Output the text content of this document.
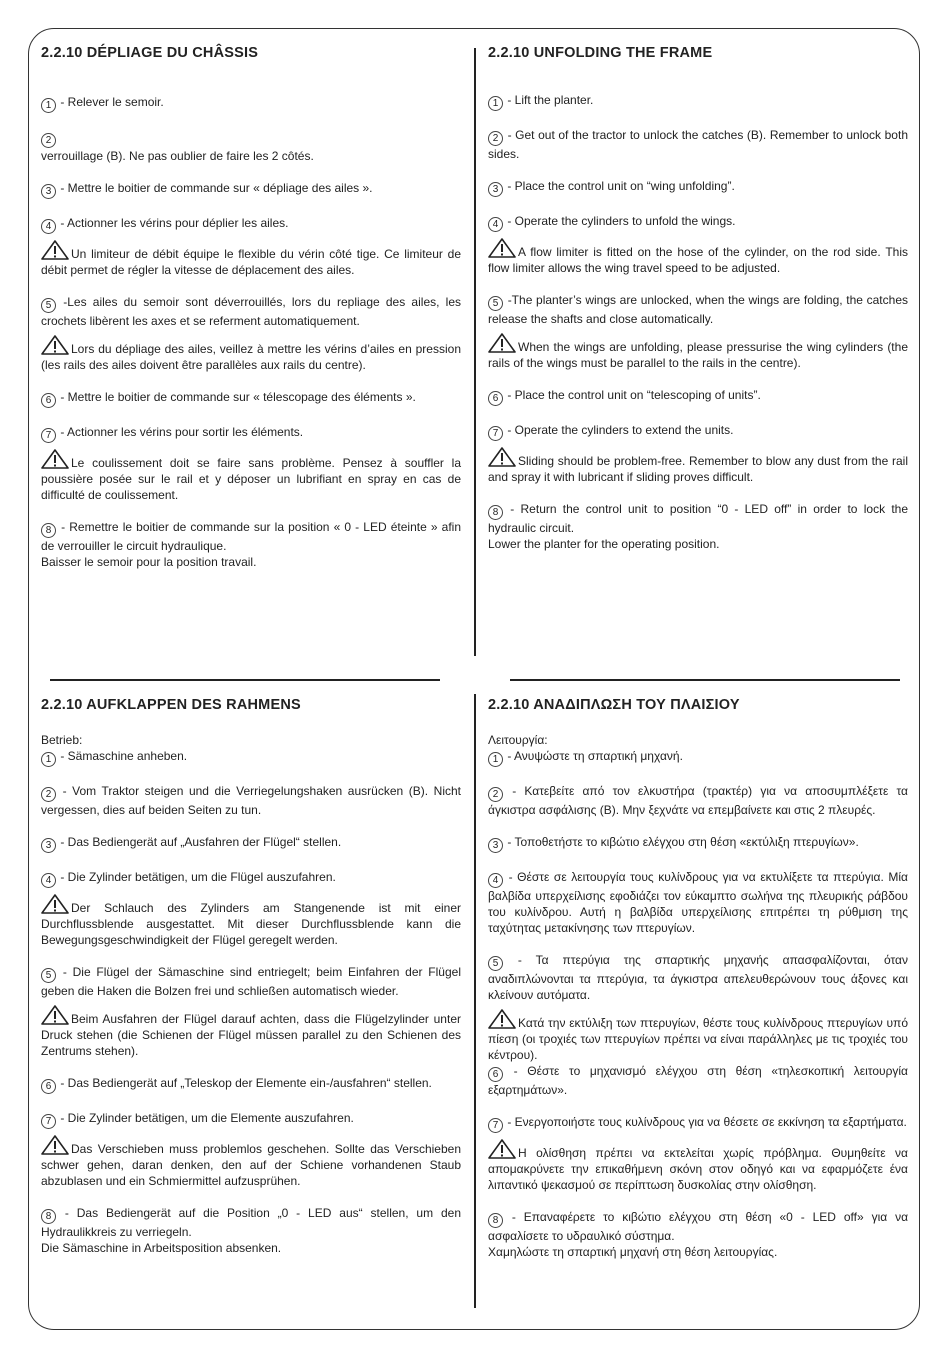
2.2.10 DÉPLIAGE DU CHÂSSIS

1 - Relever le semoir.

2
verrouillage (B). Ne pas oublier de faire les 2 côtés.

3 - Mettre le boitier de commande sur « dépliage des ailes ».

4 - Actionner les vérins pour déplier les ailes.

Un limiteur de débit équipe le flexible du vérin côté tige. Ce limiteur de débit permet de régler la vitesse de déplacement des ailes.

5 -Les ailes du semoir sont déverrouillés, lors du repliage des ailes, les crochets libèrent les axes et se referment automatiquement.

Lors du dépliage des ailes, veillez à mettre les vérins d’ailes en pression (les rails des ailes doivent être parallèles aux rails du centre).

6 - Mettre le boitier de commande sur « télescopage des éléments ».

7 - Actionner les vérins pour sortir les éléments.

Le coulissement doit se faire sans problème. Pensez à souffler la poussière posée sur le rail et y déposer un lubrifiant en spray en cas de difficulté de coulissement.

8 - Remettre le boitier de commande sur la position « 0 - LED éteinte » afin de verrouiller le circuit hydraulique.
Baisser le semoir pour la position travail.

2.2.10 UNFOLDING THE FRAME

1 - Lift the planter.

2 - Get out of the tractor to unlock the catches (B). Remember to unlock both sides.

3 - Place the control unit on “wing unfolding”.

4 - Operate the cylinders to unfold the wings.

A flow limiter is fitted on the hose of the cylinder, on the rod side. This flow limiter allows the wing travel speed to be adjusted.

5 -The planter’s wings are unlocked, when the wings are folding, the catches release the shafts and close automatically.

When the wings are unfolding, please pressurise the wing cylinders (the rails of the wings must be parallel to the rails in the centre).

6 - Place the control unit on “telescoping of units”.

7 - Operate the cylinders to extend the units.

Sliding should be problem-free. Remember to blow any dust from the rail and spray it with lubricant if sliding proves difficult.

8 - Return the control unit to position “0 - LED off” in order to lock the hydraulic circuit.
Lower the planter for the operating position.

2.2.10 AUFKLAPPEN DES RAHMENS

Betrieb:

1 - Sämaschine anheben.

2 - Vom Traktor steigen und die Verriegelungshaken ausrücken (B). Nicht vergessen, dies auf beiden Seiten zu tun.

3 - Das Bediengerät auf „Ausfahren der Flügel“ stellen.

4 - Die Zylinder betätigen, um die Flügel auszufahren.

Der Schlauch des Zylinders am Stangenende ist mit einer Durchflussblende ausgestattet. Mit dieser Durchflussblende kann die Bewegungsgeschwindigkeit der Flügel geregelt werden.

5 - Die Flügel der Sämaschine sind entriegelt; beim Einfahren der Flügel geben die Haken die Bolzen frei und schließen automatisch wieder.

Beim Ausfahren der Flügel darauf achten, dass die Flügelzylinder unter Druck stehen (die Schienen der Flügel müssen parallel zu den Schienen des Zentrums stehen).

6 - Das Bediengerät auf „Teleskop der Elemente ein-/ausfahren“ stellen.

7 - Die Zylinder betätigen, um die Elemente auszufahren.

Das Verschieben muss problemlos geschehen. Sollte das Verschieben schwer gehen, daran denken, den auf der Schiene vorhandenen Staub abzublasen und ein Schmiermittel aufzusprühen.

8 - Das Bediengerät auf die Position „0 - LED aus“ stellen, um den Hydraulikkreis zu verriegeln.
Die Sämaschine in Arbeitsposition absenken.

2.2.10 ΑΝΑΔΙΠΛΩΣΗ ΤΟΥ ΠΛΑΙΣΙΟΥ

Λειτουργία:

1 - Ανυψώστε τη σπαρτική μηχανή.

2 - Κατεβείτε από τον ελκυστήρα (τρακτέρ) για να αποσυμπλέξετε τα άγκιστρα ασφάλισης (B). Μην ξεχνάτε να επεμβαίνετε και στις 2 πλευρές.

3 - Τοποθετήστε το κιβώτιο ελέγχου στη θέση «εκτύλιξη πτερυγίων».

4 - Θέστε σε λειτουργία τους κυλίνδρους για να εκτυλίξετε τα πτερύγια. Μία βαλβίδα υπερχείλισης εφοδιάζει τον εύκαμπτο σωλήνα της πλευρικής ράβδου του κυλίνδρου. Αυτή η βαλβίδα υπερχείλισης επιτρέπει τη ρύθμιση της ταχύτητας μετακίνησης των πτερυγίων.

5 - Τα πτερύγια της σπαρτικής μηχανής απασφαλίζονται, όταν αναδιπλώνονται τα πτερύγια, τα άγκιστρα απελευθερώνουν τους άξονες και κλείνουν αυτόματα.

Κατά την εκτύλιξη των πτερυγίων, θέστε τους κυλίνδρους πτερυγίων υπό πίεση (οι τροχιές των πτερυγίων πρέπει να είναι παράλληλες με τις τροχιές του κέντρου).

6 - Θέστε το μηχανισμό ελέγχου στη θέση «τηλεσκοπική λειτουργία εξαρτημάτων».

7 - Ενεργοποιήστε τους κυλίνδρους για να θέσετε σε εκκίνηση τα εξαρτήματα.

Η ολίσθηση πρέπει να εκτελείται χωρίς πρόβλημα. Θυμηθείτε να απομακρύνετε την επικαθήμενη σκόνη στον οδηγό και να εφαρμόζετε ένα λιπαντικό ψεκασμού σε περίπτωση δυσκολίας στην ολίσθηση.

8 - Επαναφέρετε το κιβώτιο ελέγχου στη θέση «0 - LED off» για να ασφαλίσετε το υδραυλικό σύστημα.
Χαμηλώστε τη σπαρτική μηχανή στη θέση λειτουργίας.
